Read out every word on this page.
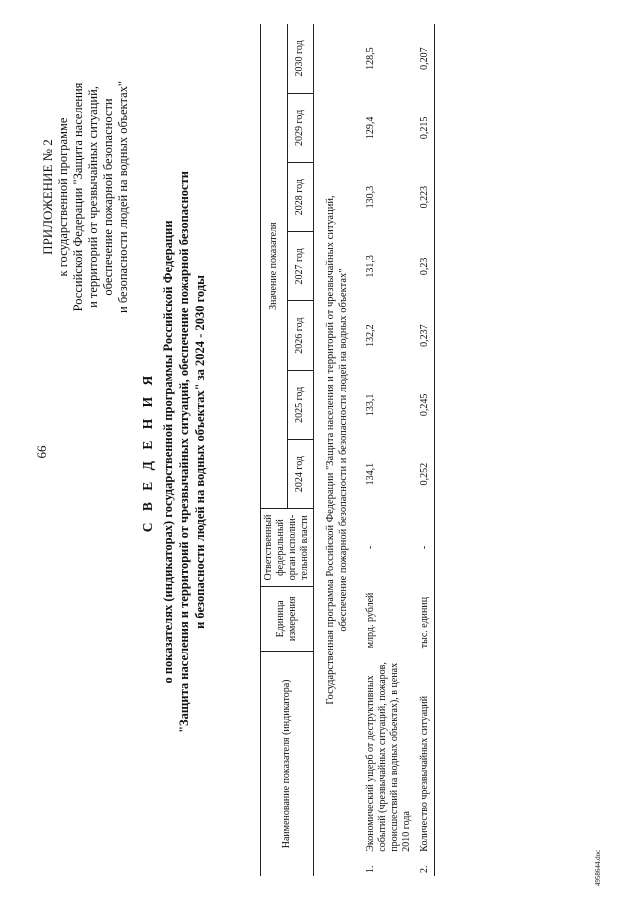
66
4958644.doc
ПРИЛОЖЕНИЕ № 2 к государственной программе Российской Федерации "Защита населения и территорий от чрезвычайных ситуаций, обеспечение пожарной безопасности и безопасности людей на водных объектах"
С В Е Д Е Н И Я о показателях (индикаторах) государственной программы Российской Федерации "Защита населения и территорий от чрезвычайных ситуаций, обеспечение пожарной безопасности и безопасности людей на водных объектах" за 2024 - 2030 годы
Наименование показателя (индикатора)		Единица измерения	Ответственный федеральный орган исполни-тельной власти	Значение показателя						
				2024 год	2025 год	2026 год	2027 год	2028 год	2029 год	2030 год

Государственная программа Российской Федерации "Защита населения и территорий от чрезвычайных ситуаций, обеспечение пожарной безопасности и безопасности людей на водных объектах"										

1.	Экономический ущерб от деструктивных событий (чрезвычайных ситуаций, пожаров, происшествий на водных объектах), в ценах 2010 года	млрд. рублей	-	134,1	133,1	132,2	131,3	130,3	129,4	128,5
2.	Количество чрезвычайных ситуаций	тыс. единиц	-	0,252	0,245	0,237	0,23	0,223	0,215	0,207
